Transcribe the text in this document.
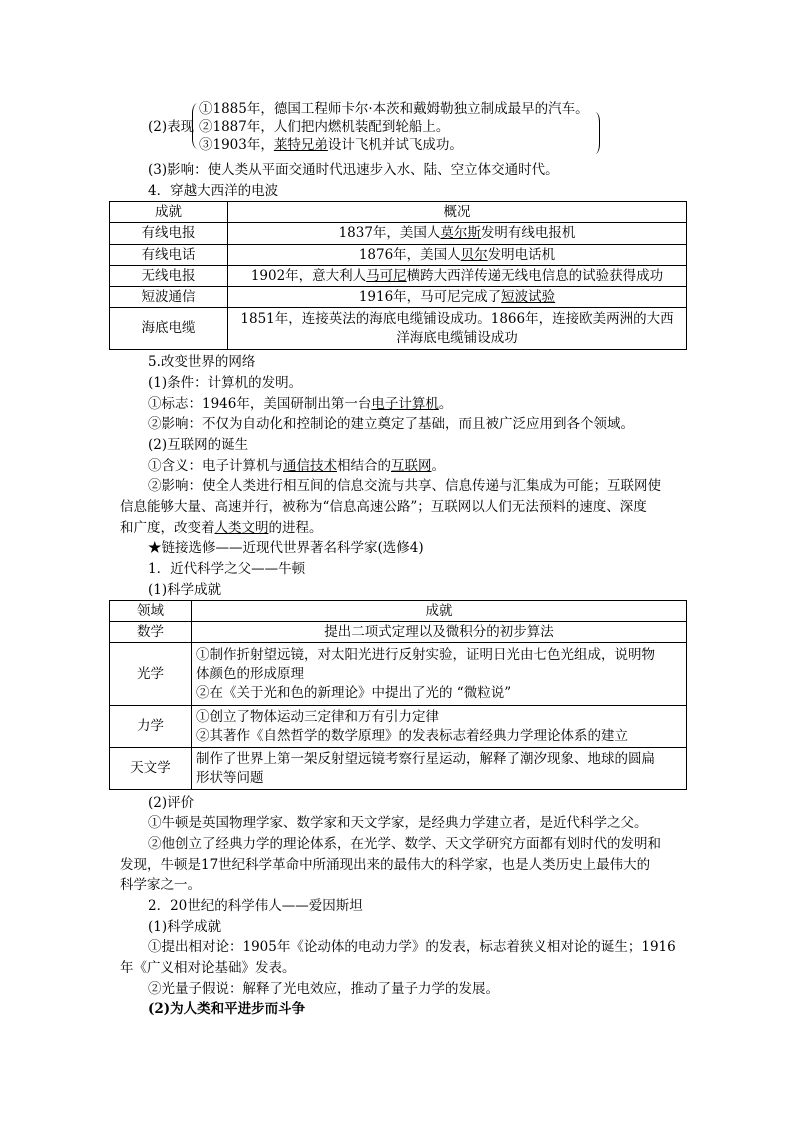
(2)表现
①1885年，德国工程师卡尔·本茨和戴姆勒独立制成最早的汽车。
②1887年，人们把内燃机装配到轮船上。
③1903年，莱特兄弟设计飞机并试飞成功。
(3)影响：使人类从平面交通时代迅速步入水、陆、空立体交通时代。
4．穿越大西洋的电波
成就	概况
有线电报	1837年，美国人莫尔斯发明有线电报机
有线电话	1876年，美国人贝尔发明电话机
无线电报	1902年，意大利人马可尼横跨大西洋传递无线电信息的试验获得成功
短波通信	1916年，马可尼完成了短波试验
海底电缆	1851年，连接英法的海底电缆铺设成功。1866年，连接欧美两洲的大西
洋海底电缆铺设成功
5.改变世界的网络
(1)条件：计算机的发明。
①标志：1946年，美国研制出第一台电子计算机。
②影响：不仅为自动化和控制论的建立奠定了基础，而且被广泛应用到各个领域。
(2)互联网的诞生
①含义：电子计算机与通信技术相结合的互联网。
②影响：使全人类进行相互间的信息交流与共享、信息传递与汇集成为可能；互联网使
信息能够大量、高速并行，被称为“信息高速公路”；互联网以人们无法预料的速度、深度
和广度，改变着人类文明的进程。
★链接选修——近现代世界著名科学家(选修4)
1．近代科学之父——牛顿
(1)科学成就
领域	成就
数学	提出二项式定理以及微积分的初步算法
光学	①制作折射望远镜，对太阳光进行反射实验，证明日光由七色光组成，说明物
体颜色的形成原理
②在《关于光和色的新理论》中提出了光的 “微粒说”
力学	①创立了物体运动三定律和万有引力定律
②其著作《自然哲学的数学原理》的发表标志着经典力学理论体系的建立
天文学	制作了世界上第一架反射望远镜考察行星运动，解释了潮汐现象、地球的圆扁
形状等问题
(2)评价
①牛顿是英国物理学家、数学家和天文学家，是经典力学建立者，是近代科学之父。
②他创立了经典力学的理论体系，在光学、数学、天文学研究方面都有划时代的发明和
发现，牛顿是17世纪科学革命中所涌现出来的最伟大的科学家，也是人类历史上最伟大的
科学家之一。
2．20世纪的科学伟人——爱因斯坦
(1)科学成就
①提出相对论：1905年《论动体的电动力学》的发表，标志着狭义相对论的诞生；1916
年《广义相对论基础》发表。
②光量子假说：解释了光电效应，推动了量子力学的发展。
(2)为人类和平进步而斗争
